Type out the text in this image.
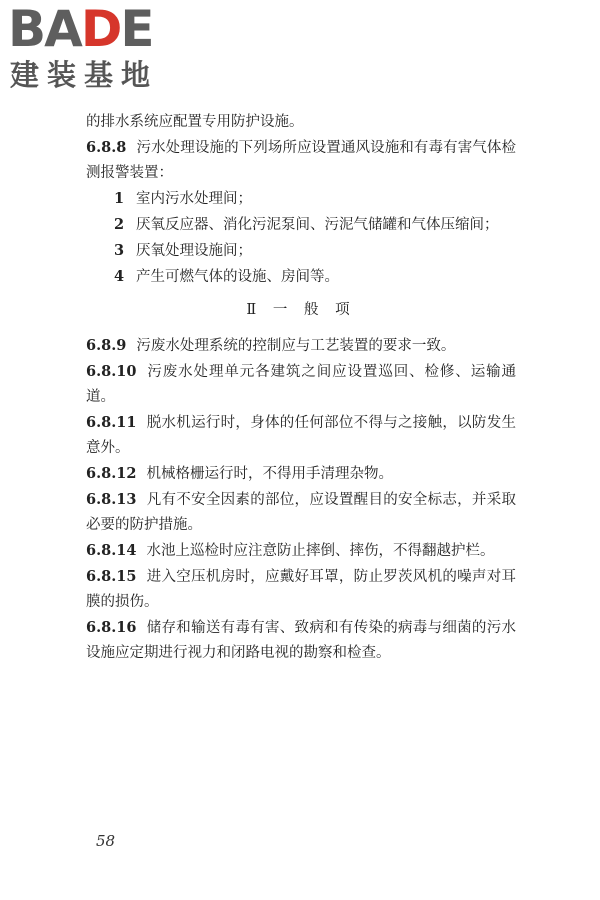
BADE
建装基地

的排水系统应配置专用防护设施。

6.8.8 污水处理设施的下列场所应设置通风设施和有毒有害气体检测报警装置：

1 室内污水处理间；

2 厌氧反应器、消化污泥泵间、污泥气储罐和气体压缩间；

3 厌氧处理设施间；

4 产生可燃气体的设施、房间等。

Ⅱ 一 般 项

6.8.9 污废水处理系统的控制应与工艺装置的要求一致。

6.8.10 污废水处理单元各建筑之间应设置巡回、检修、运输通道。

6.8.11 脱水机运行时，身体的任何部位不得与之接触，以防发生意外。

6.8.12 机械格栅运行时，不得用手清理杂物。

6.8.13 凡有不安全因素的部位，应设置醒目的安全标志，并采取必要的防护措施。

6.8.14 水池上巡检时应注意防止摔倒、摔伤，不得翻越护栏。

6.8.15 进入空压机房时，应戴好耳罩，防止罗茨风机的噪声对耳膜的损伤。

6.8.16 储存和输送有毒有害、致病和有传染的病毒与细菌的污水设施应定期进行视力和闭路电视的勘察和检查。

58
